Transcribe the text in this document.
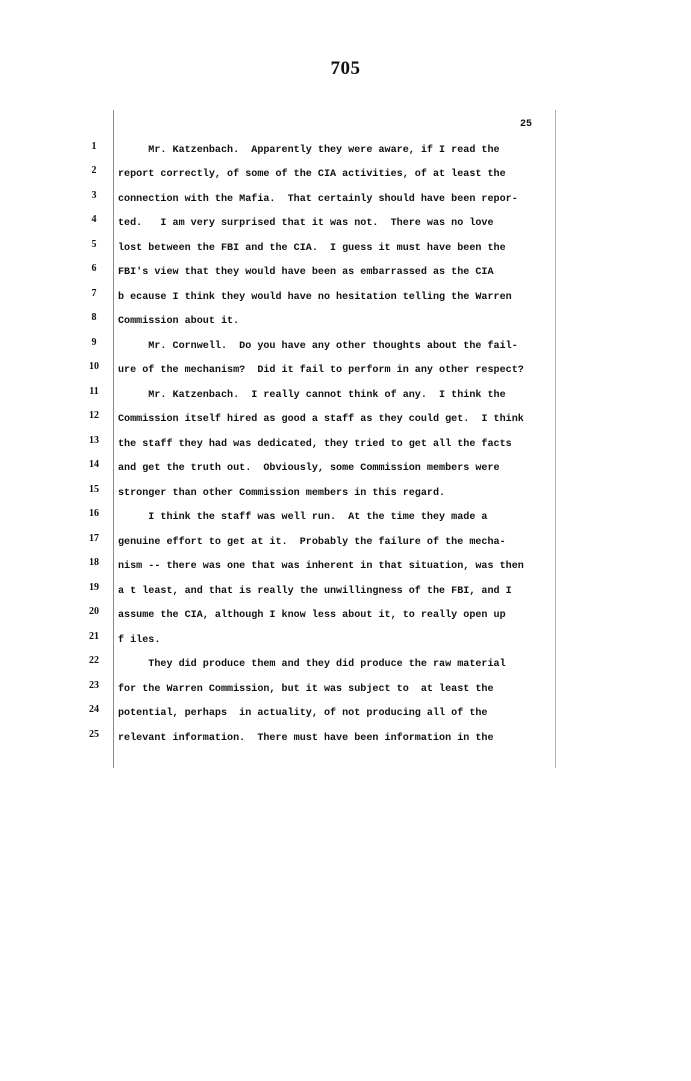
705
25
1
2
3
4
5
6
7
8
9
10
11
12
13
14
15
16
17
18
19
20
21
22
23
24
25
Mr. Katzenbach.  Apparently they were aware, if I read the
report correctly, of some of the CIA activities, of at least the
connection with the Mafia.  That certainly should have been repor-
ted.   I am very surprised that it was not.  There was no love
lost between the FBI and the CIA.  I guess it must have been the
FBI's view that they would have been as embarrassed as the CIA
b ecause I think they would have no hesitation telling the Warren
Commission about it.
Mr. Cornwell.  Do you have any other thoughts about the fail-
ure of the mechanism?  Did it fail to perform in any other respect?
Mr. Katzenbach.  I really cannot think of any.  I think the
Commission itself hired as good a staff as they could get.  I think
the staff they had was dedicated, they tried to get all the facts
and get the truth out.  Obviously, some Commission members were
stronger than other Commission members in this regard.
I think the staff was well run.  At the time they made a
genuine effort to get at it.  Probably the failure of the mecha-
nism -- there was one that was inherent in that situation, was then
a t least, and that is really the unwillingness of the FBI, and I
assume the CIA, although I know less about it, to really open up
f iles.
They did produce them and they did produce the raw material
for the Warren Commission, but it was subject to  at least the
potential, perhaps  in actuality, of not producing all of the
relevant information.  There must have been information in the
